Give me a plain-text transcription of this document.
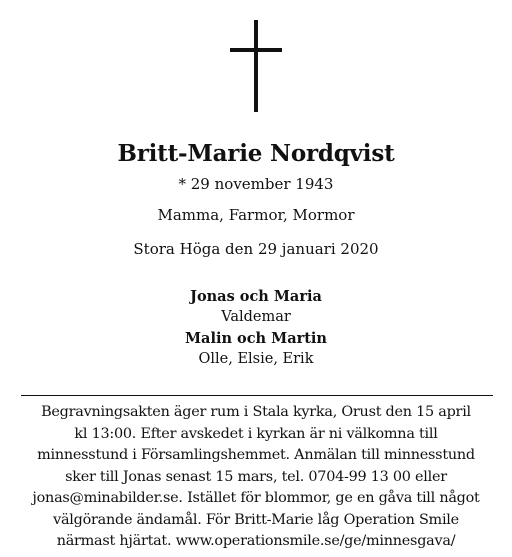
Britt-Marie Nordqvist
* 29 november 1943
Mamma, Farmor, Mormor
Stora Höga den 29 januari 2020
Jonas och Maria
Valdemar
Malin och Martin
Olle, Elsie, Erik
Begravningsakten äger rum i Stala kyrka, Orust den 15 april
kl 13:00. Efter avskedet i kyrkan är ni välkomna till
minnesstund i Församlingshemmet. Anmälan till minnesstund
sker till Jonas senast 15 mars, tel. 0704-99 13 00 eller
jonas@minabilder.se. Istället för blommor, ge en gåva till något
välgörande ändamål. För Britt-Marie låg Operation Smile
närmast hjärtat. www.operationsmile.se/ge/minnesgava/
